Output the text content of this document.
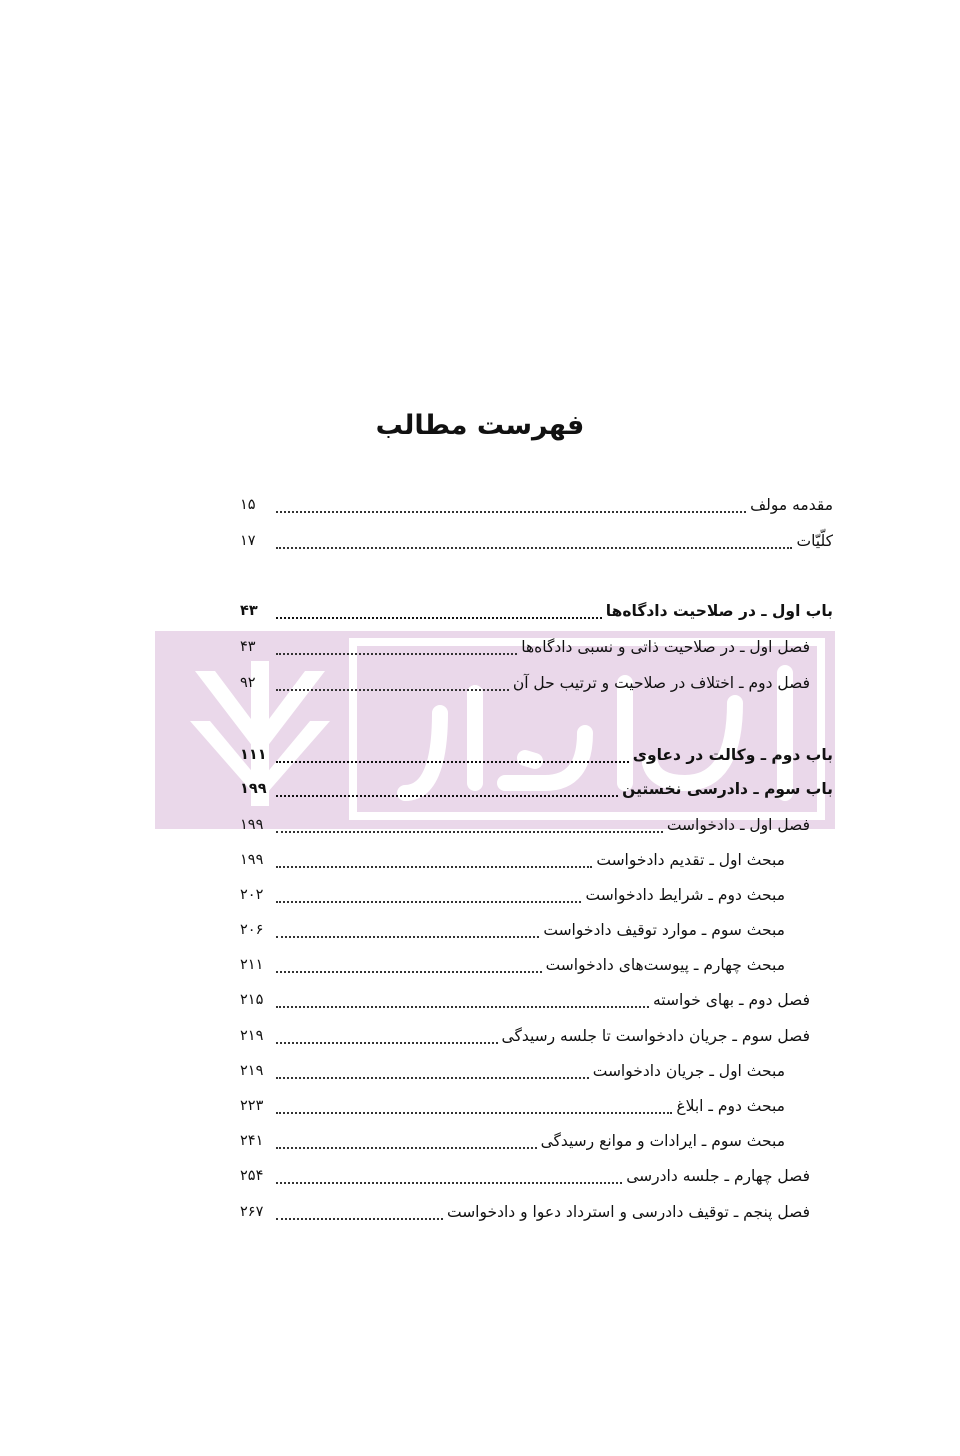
فهرست مطالب
مقدمه مولف
۱۵
کلّیّات
۱۷
باب اول ـ در صلاحیت دادگاه‌ها
۴۳
فصل اول ـ در صلاحیت ذاتی و نسبی دادگاه‌ها
۴۳
فصل دوم ـ اختلاف در صلاحیت و ترتیب حل آن
۹۲
باب دوم ـ وکالت در دعاوی
۱۱۱
باب سوم ـ دادرسی نخستین
۱۹۹
فصل اول ـ دادخواست
۱۹۹
مبحث اول ـ تقدیم دادخواست
۱۹۹
مبحث دوم ـ شرایط دادخواست
۲۰۲
مبحث سوم ـ موارد توقیف دادخواست
۲۰۶
مبحث چهارم ـ پیوست‌های دادخواست
۲۱۱
فصل دوم ـ بهای خواسته
۲۱۵
فصل سوم ـ جریان دادخواست تا جلسه رسیدگی
۲۱۹
مبحث اول ـ جریان دادخواست
۲۱۹
مبحث دوم ـ ابلاغ
۲۲۳
مبحث سوم ـ ایرادات و موانع رسیدگی
۲۴۱
فصل چهارم ـ جلسه دادرسی
۲۵۴
فصل پنجم ـ توقیف دادرسی و استرداد دعوا و دادخواست
۲۶۷
